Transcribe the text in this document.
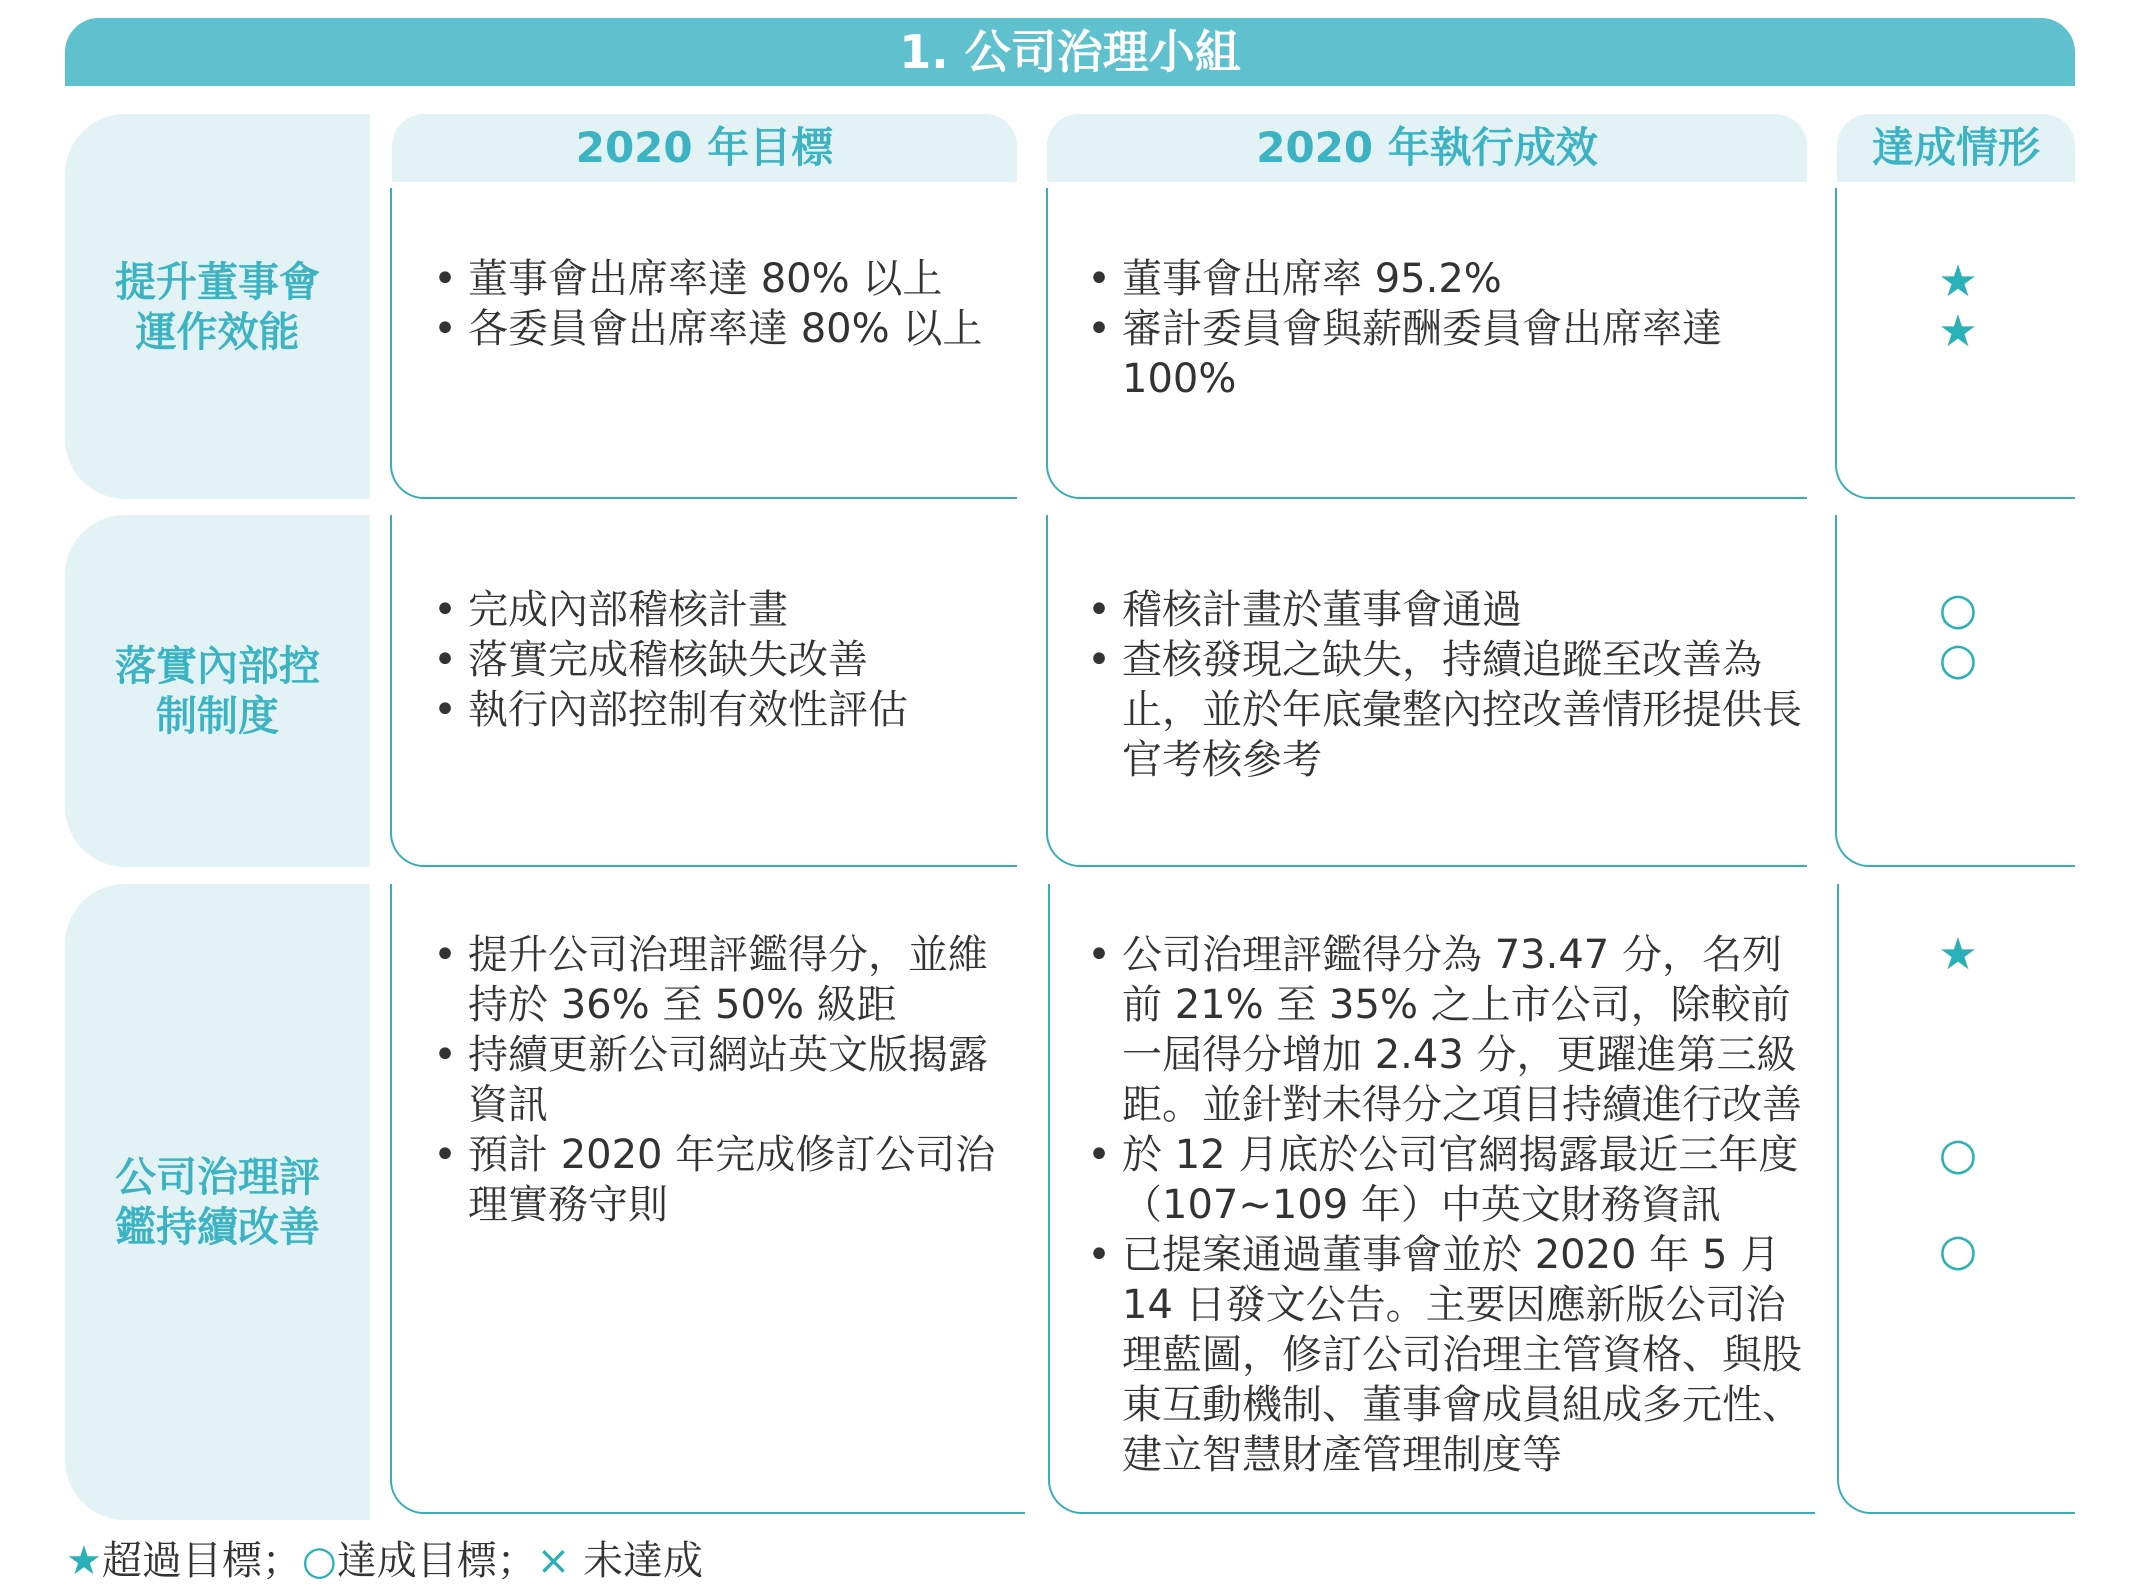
1. 公司治理小組
2020 年目標	2020 年執行成效	達成情形
提升董事會
運作效能
• 董事會出席率達 80% 以上
• 各委員會出席率達 80% 以上
• 董事會出席率 95.2%
• 審計委員會與薪酬委員會出席率達 100%
★
★
落實內部控
制制度
• 完成內部稽核計畫
• 落實完成稽核缺失改善
• 執行內部控制有效性評估
• 稽核計畫於董事會通過
• 查核發現之缺失，持續追蹤至改善為止，並於年底彙整內控改善情形提供長官考核參考
○
○
公司治理評
鑑持續改善
• 提升公司治理評鑑得分，並維持於 36% 至 50% 級距
• 持續更新公司網站英文版揭露資訊
• 預計 2020 年完成修訂公司治理實務守則
• 公司治理評鑑得分為 73.47 分，名列前 21% 至 35% 之上市公司，除較前一屆得分增加 2.43 分，更躍進第三級距。並針對未得分之項目持續進行改善
• 於 12 月底於公司官網揭露最近三年度（107~109 年）中英文財務資訊
• 已提案通過董事會並於 2020 年 5 月 14 日發文公告。主要因應新版公司治理藍圖，修訂公司治理主管資格、與股東互動機制、董事會成員組成多元性、建立智慧財產管理制度等
★
○
○
★超過目標；○達成目標；× 未達成
